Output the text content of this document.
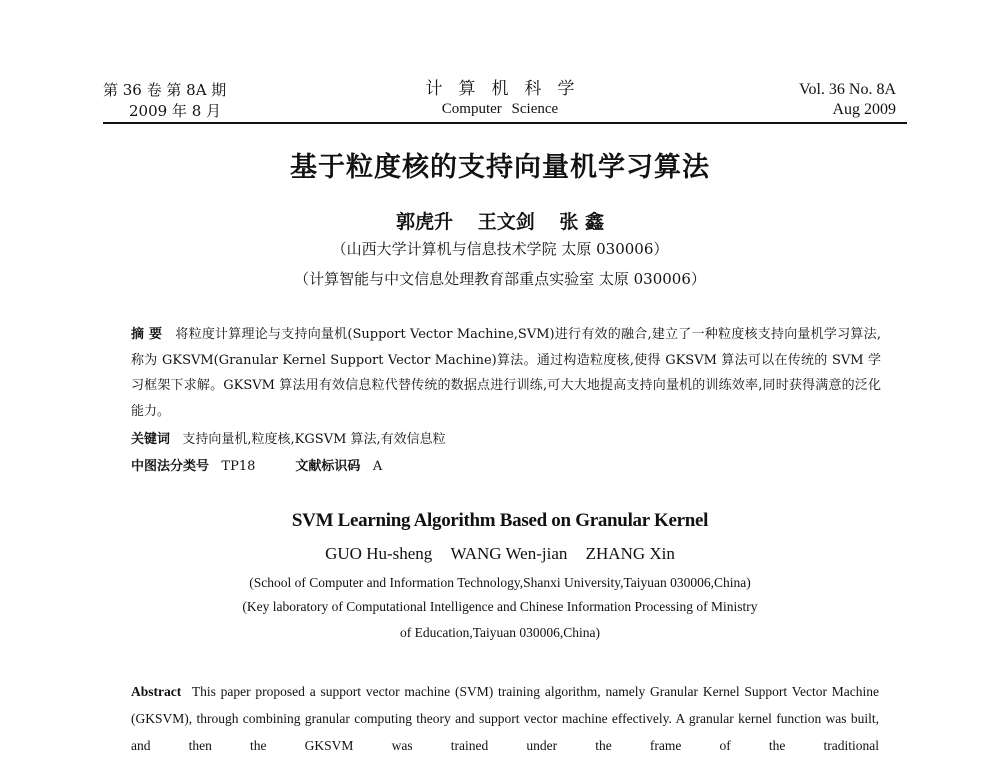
第 36 卷 第 8A 期
2009 年 8 月
计算机科学
Computer Science
Vol. 36 No. 8A
Aug 2009
基于粒度核的支持向量机学习算法
郭虎升 王文剑 张 鑫
（山西大学计算机与信息技术学院 太原 030006）
（计算智能与中文信息处理教育部重点实验室 太原 030006）
摘 要 将粒度计算理论与支持向量机(Support Vector Machine,SVM)进行有效的融合,建立了一种粒度核支持向量机学习算法,称为 GKSVM(Granular Kernel Support Vector Machine)算法。通过构造粒度核,使得 GKSVM 算法可以在传统的 SVM 学习框架下求解。GKSVM 算法用有效信息粒代替传统的数据点进行训练,可大大地提高支持向量机的训练效率,同时获得满意的泛化能力。
关键词 支持向量机,粒度核,KGSVM 算法,有效信息粒
中图法分类号 TP18	文献标识码 A
SVM Learning Algorithm Based on Granular Kernel
GUO Hu-sheng WANG Wen-jian ZHANG Xin
(School of Computer and Information Technology,Shanxi University,Taiyuan 030006,China)
(Key laboratory of Computational Intelligence and Chinese Information Processing of Ministry
of Education,Taiyuan 030006,China)
Abstract This paper proposed a support vector machine (SVM) training algorithm, namely Granular Kernel Support Vector Machine (GKSVM), through combining granular computing theory and support vector machine effectively. A granular kernel function was built, and then the GKSVM was trained under the frame of the traditional
